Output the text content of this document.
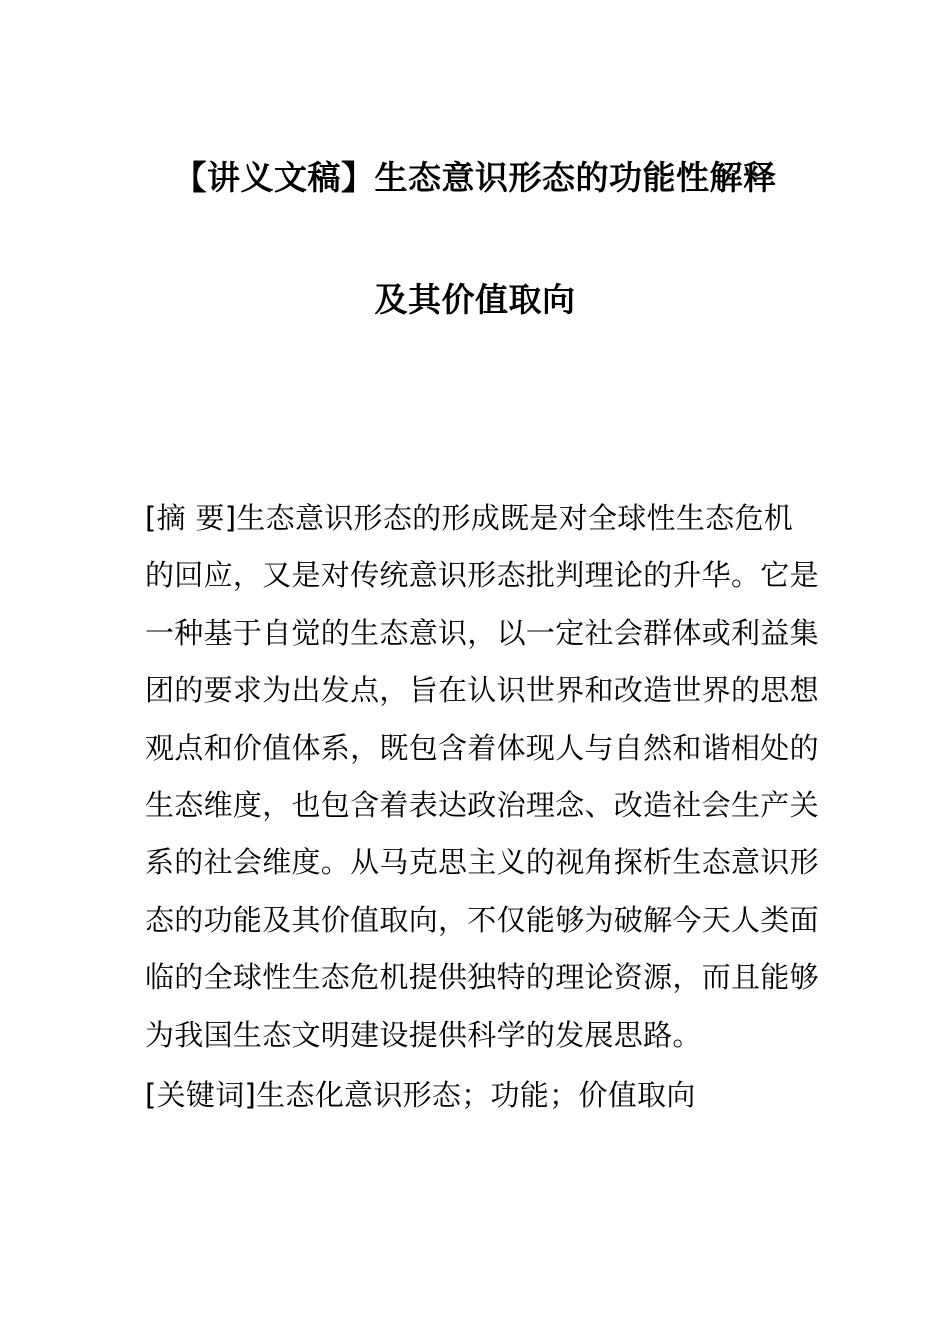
【讲义文稿】生态意识形态的功能性解释
及其价值取向
[摘 要]生态意识形态的形成既是对全球性生态危机
的回应，又是对传统意识形态批判理论的升华。它是
一种基于自觉的生态意识，以一定社会群体或利益集
团的要求为出发点，旨在认识世界和改造世界的思想
观点和价值体系，既包含着体现人与自然和谐相处的
生态维度，也包含着表达政治理念、改造社会生产关
系的社会维度。从马克思主义的视角探析生态意识形
态的功能及其价值取向，不仅能够为破解今天人类面
临的全球性生态危机提供独特的理论资源，而且能够
为我国生态文明建设提供科学的发展思路。
[关键词]生态化意识形态；功能；价值取向
